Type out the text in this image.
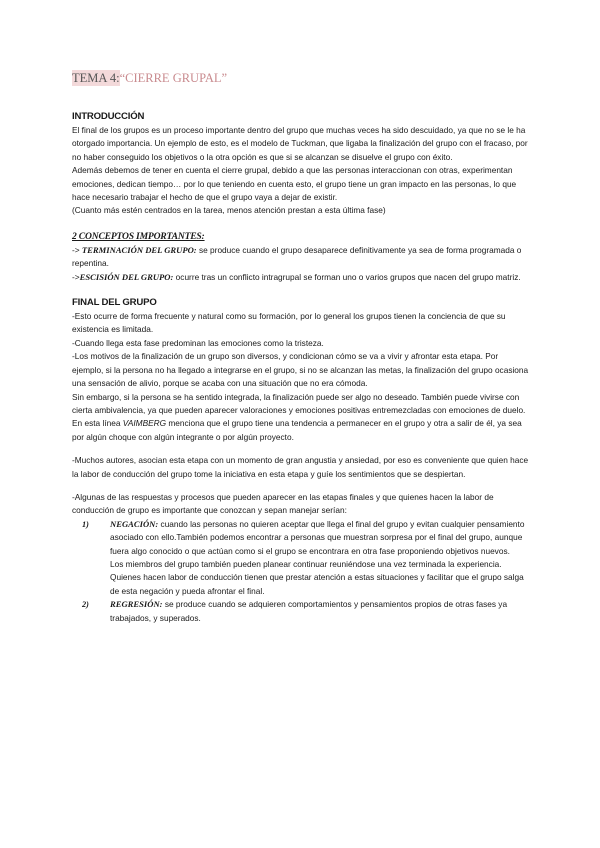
TEMA 4:“CIERRE GRUPAL”
INTRODUCCIÓN

El final de los grupos es un proceso importante dentro del grupo que muchas veces ha sido descuidado, ya que no se le ha otorgado importancia. Un ejemplo de esto, es el modelo de Tuckman, que ligaba la finalización del grupo con el fracaso, por no haber conseguido los objetivos o la otra opción es que si se alcanzan se disuelve el grupo con éxito.

Además debemos de tener en cuenta el cierre grupal, debido a que las personas interaccionan con otras, experimentan emociones, dedican tiempo… por lo que teniendo en cuenta esto, el grupo tiene un gran impacto en las personas, lo que hace necesario trabajar el hecho de que el grupo vaya a dejar de existir.

(Cuanto más estén centrados en la tarea, menos atención prestan a esta última fase)

2 CONCEPTOS IMPORTANTES:

-> TERMINACIÓN DEL GRUPO: se produce cuando el grupo desaparece definitivamente ya sea de forma programada o repentina.

->ESCISIÓN DEL GRUPO: ocurre tras un conflicto intragrupal se forman uno o varios grupos que nacen del grupo matriz.

FINAL DEL GRUPO

-Esto ocurre de forma frecuente y natural como su formación, por lo general los grupos tienen la conciencia de que su existencia es limitada.

-Cuando llega esta fase predominan las emociones como la tristeza.

-Los motivos de la finalización de un grupo son diversos, y condicionan cómo se va a vivir y afrontar esta etapa. Por ejemplo, si la persona no ha llegado a integrarse en el grupo, si no se alcanzan las metas, la finalización del grupo ocasiona una sensación de alivio, porque se acaba con una situación que no era cómoda.

Sin embargo, si la persona se ha sentido integrada, la finalización puede ser algo no deseado. También puede vivirse con cierta ambivalencia, ya que pueden aparecer valoraciones y emociones positivas entremezcladas con emociones de duelo.

En esta línea VAIMBERG menciona que el grupo tiene una tendencia a permanecer en el grupo y otra a salir de él, ya sea por algún choque con algún integrante o por algún proyecto.

-Muchos autores, asocian esta etapa con un momento de gran angustia y ansiedad, por eso es conveniente que quien hace la labor de conducción del grupo tome la iniciativa en esta etapa y guíe los sentimientos que se despiertan.

-Algunas de las respuestas y procesos que pueden aparecer en las etapas finales y que quienes hacen la labor de conducción de grupo es importante que conozcan y sepan manejar serían:

1) NEGACIÓN: cuando las personas no quieren aceptar que llega el final del grupo y evitan cualquier pensamiento asociado con ello.También podemos encontrar a personas que muestran sorpresa por el final del grupo, aunque fuera algo conocido o que actúan como si el grupo se encontrara en otra fase proponiendo objetivos nuevos.

Los miembros del grupo también pueden planear continuar reuniéndose una vez terminada la experiencia.

Quienes hacen labor de conducción tienen que prestar atención a estas situaciones y facilitar que el grupo salga de esta negación y pueda afrontar el final.

2) REGRESIÓN: se produce cuando se adquieren comportamientos y pensamientos propios de otras fases ya trabajados, y superados.
